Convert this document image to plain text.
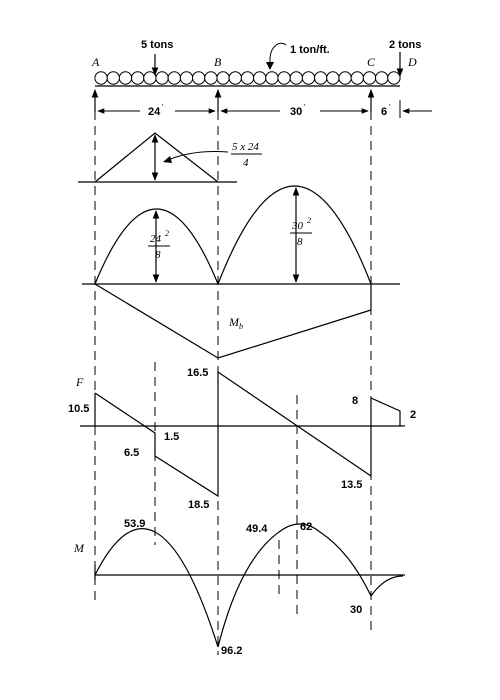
5 tons	1 ton/ft.	2 tons
A	B	C	D
24 '	30 '	6 '
5 x 24
4
24 2
8
30 2
8
$M_b$
F
10.5
1.5
6.5
18.5
16.5
13.5
8
2
M
53.9	49.4	62
96.2
30
